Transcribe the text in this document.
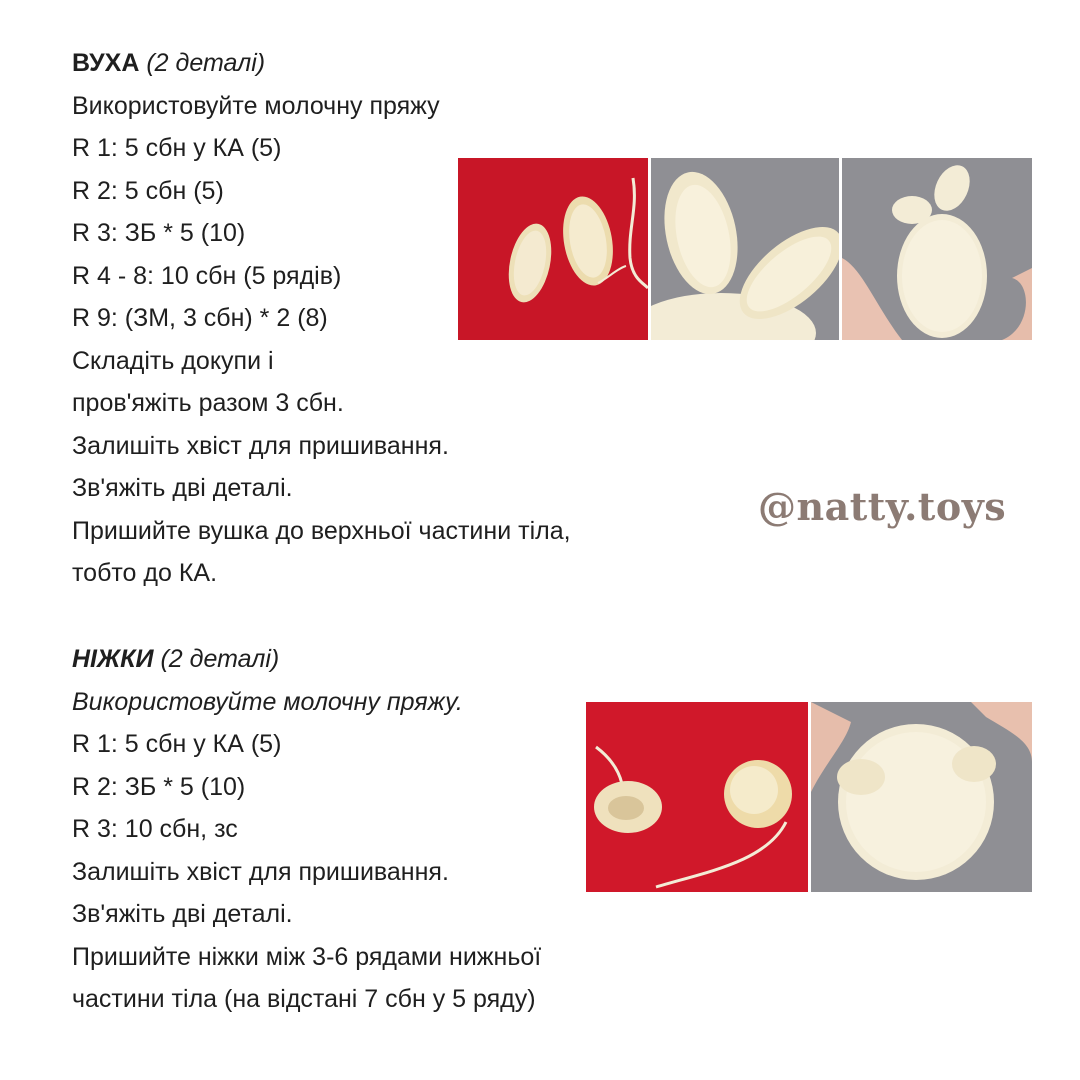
ВУХА (2 деталі)
Використовуйте молочну пряжу
R 1: 5 сбн у КА (5)
R 2: 5 сбн (5)
R 3: ЗБ * 5 (10)
R 4 - 8: 10 сбн (5 рядів)
R 9: (ЗМ, 3 сбн) * 2 (8)
Складіть докупи і
пров'яжіть разом 3 сбн.
Залишіть хвіст для пришивання.
Зв'яжіть дві деталі.
Пришийте вушка до верхньої частини тіла,
тобто до КА.
НІЖКИ (2 деталі)
Використовуйте молочну пряжу.
R 1: 5 сбн у КА (5)
R 2: ЗБ * 5 (10)
R 3: 10 сбн, зс
Залишіть хвіст для пришивання.
Зв'яжіть дві деталі.
Пришийте ніжки між 3-6 рядами нижньої
частини тіла (на відстані 7 сбн у 5 ряду)
@natty.toys
